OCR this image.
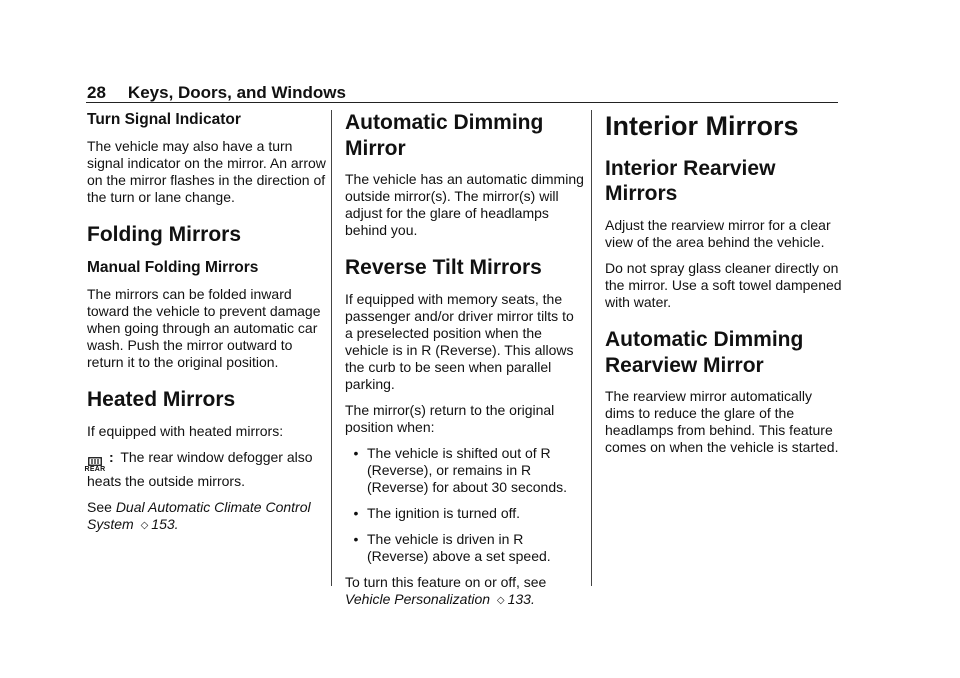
28 Keys, Doors, and Windows
Turn Signal Indicator

The vehicle may also have a turn signal indicator on the mirror. An arrow on the mirror flashes in the direction of the turn or lane change.

Folding Mirrors
Manual Folding Mirrors

The mirrors can be folded inward toward the vehicle to prevent damage when going through an automatic car wash. Push the mirror outward to return it to the original position.

Heated Mirrors

If equipped with heated mirrors:

REAR
: The rear window defogger also heats the outside mirrors.

See Dual Automatic Climate Control System ◇ 153.

Automatic Dimming Mirror

The vehicle has an automatic dimming outside mirror(s). The mirror(s) will adjust for the glare of headlamps behind you.

Reverse Tilt Mirrors

If equipped with memory seats, the passenger and/or driver mirror tilts to a preselected position when the vehicle is in R (Reverse). This allows the curb to be seen when parallel parking.

The mirror(s) return to the original position when:

• The vehicle is shifted out of R (Reverse), or remains in R (Reverse) for about 30 seconds.
• The ignition is turned off.
• The vehicle is driven in R (Reverse) above a set speed.

To turn this feature on or off, see Vehicle Personalization ◇ 133.

Interior Mirrors
Interior Rearview Mirrors

Adjust the rearview mirror for a clear view of the area behind the vehicle.

Do not spray glass cleaner directly on the mirror. Use a soft towel dampened with water.

Automatic Dimming Rearview Mirror

The rearview mirror automatically dims to reduce the glare of the headlamps from behind. This feature comes on when the vehicle is started.
